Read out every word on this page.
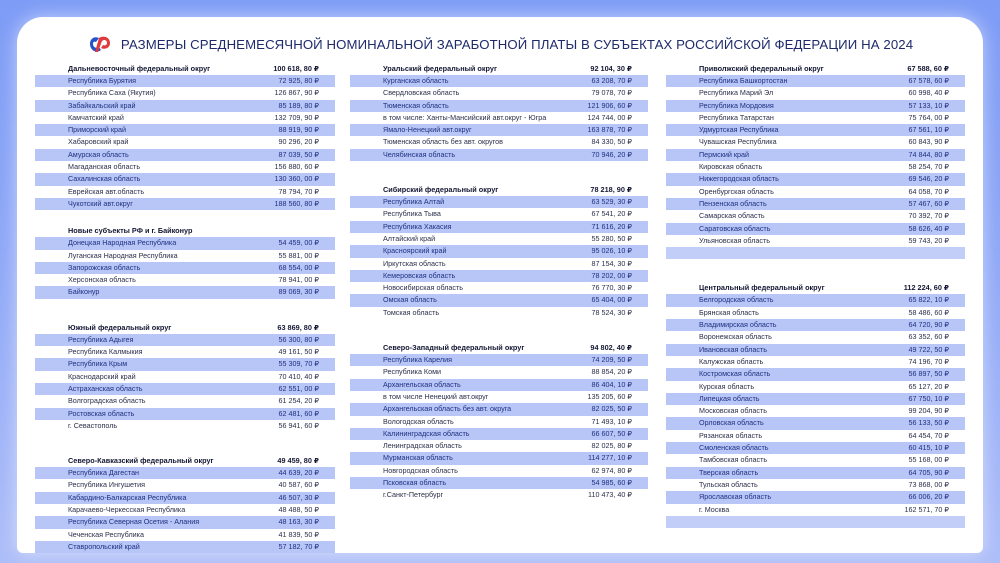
РАЗМЕРЫ СРЕДНЕМЕСЯЧНОЙ НОМИНАЛЬНОЙ ЗАРАБОТНОЙ ПЛАТЫ В СУБЪЕКТАХ РОССИЙСКОЙ ФЕДЕРАЦИИ НА 2024
Дальневосточный федеральный округ	100 618, 80 ₽
Республика Бурятия	72 925, 80 ₽
Республика Саха (Якутия)	126 867, 90 ₽
Забайкальский край	85 189, 80 ₽
Камчатский край	132 709, 90 ₽
Приморский край	88 919, 90 ₽
Хабаровский край	90 296, 20 ₽
Амурская область	87 039, 50 ₽
Магаданская область	156 880, 60 ₽
Сахалинская область	130 360, 00 ₽
Еврейская авт.область	78 794, 70 ₽
Чукотский авт.округ	188 560, 80 ₽
Новые субъекты РФ и г. Байконур
Донецкая Народная Республика	54 459, 00 ₽
Луганская Народная Республика	55 881, 00 ₽
Запорожская область	68 554, 00 ₽
Херсонская область	78 941, 00 ₽
Байконур	89 069, 30 ₽
Южный федеральный округ	63 869, 80 ₽
Республика Адыгея	56 300, 80 ₽
Республика Калмыкия	49 161, 50 ₽
Республика Крым	55 309, 70 ₽
Краснодарский край	70 410, 40 ₽
Астраханская область	62 551, 00 ₽
Волгоградская область	61 254, 20 ₽
Ростовская область	62 481, 60 ₽
г. Севастополь	56 941, 60 ₽
Северо-Кавказский федеральный округ	49 459, 80 ₽
Республика Дагестан	44 639, 20 ₽
Республика Ингушетия	40 587, 60 ₽
Кабардино-Балкарская Республика	46 507, 30 ₽
Карачаево-Черкесская Республика	48 488, 50 ₽
Республика Северная Осетия - Алания	48 163, 30 ₽
Чеченская Республика	41 839, 50 ₽
Ставропольский край	57 182, 70 ₽
Уральский федеральный округ	92 104, 30 ₽
Курганская область	63 208, 70 ₽
Свердловская область	79 078, 70 ₽
Тюменская область	121 906, 60 ₽
в том числе: Ханты-Мансийский авт.округ - Югра	124 744, 00 ₽
Ямало-Ненецкий авт.округ	163 878, 70 ₽
Тюменская область без авт. округов	84 330, 50 ₽
Челябинская область	70 946, 20 ₽
Сибирский федеральный округ	78 218, 90 ₽
Республика Алтай	63 529, 30 ₽
Республика Тыва	67 541, 20 ₽
Республика Хакасия	71 616, 20 ₽
Алтайский край	55 280, 50 ₽
Красноярский край	95 026, 10 ₽
Иркутская область	87 154, 30 ₽
Кемеровская область	78 202, 00 ₽
Новосибирская область	76 770, 30 ₽
Омская область	65 404, 00 ₽
Томская область	78 524, 30 ₽
Северо-Западный федеральный округ	94 802, 40 ₽
Республика Карелия	74 209, 50 ₽
Республика Коми	88 854, 20 ₽
Архангельская область	86 404, 10 ₽
в том числе Ненецкий авт.округ	135 205, 60 ₽
Архангельская область без авт. округа	82 025, 50 ₽
Вологодская область	71 493, 10 ₽
Калининградская область	66 607, 50 ₽
Ленинградская область	82 025, 80 ₽
Мурманская область	114 277, 10 ₽
Новгородская область	62 974, 80 ₽
Псковская область	54 985, 60 ₽
г.Санкт-Петербург	110 473, 40 ₽
Приволжский федеральный округ	67 588, 60 ₽
Республика Башкортостан	67 578, 60 ₽
Республика Марий Эл	60 998, 40 ₽
Республика Мордовия	57 133, 10 ₽
Республика Татарстан	75 764, 00 ₽
Удмуртская Республика	67 561, 10 ₽
Чувашская Республика	60 843, 90 ₽
Пермский край	74 844, 80 ₽
Кировская область	58 254, 70 ₽
Нижегородская область	69 546, 20 ₽
Оренбургская область	64 058, 70 ₽
Пензенская область	57 467, 60 ₽
Самарская область	70 392, 70 ₽
Саратовская область	58 626, 40 ₽
Ульяновская область	59 743, 20 ₽
Центральный федеральный округ	112 224, 60 ₽
Белгородская область	65 822, 10 ₽
Брянская область	58 486, 60 ₽
Владимирская область	64 720, 90 ₽
Воронежская область	63 352, 60 ₽
Ивановская область	49 722, 50 ₽
Калужская область	74 196, 70 ₽
Костромская область	56 897, 50 ₽
Курская область	65 127, 20 ₽
Липецкая область	67 750, 10 ₽
Московская область	99 204, 90 ₽
Орловская область	56 133, 50 ₽
Рязанская область	64 454, 70 ₽
Смоленская область	60 415, 10 ₽
Тамбовская область	55 168, 00 ₽
Тверская область	64 705, 90 ₽
Тульская область	73 868, 00 ₽
Ярославская область	66 006, 20 ₽
г. Москва	162 571, 70 ₽
